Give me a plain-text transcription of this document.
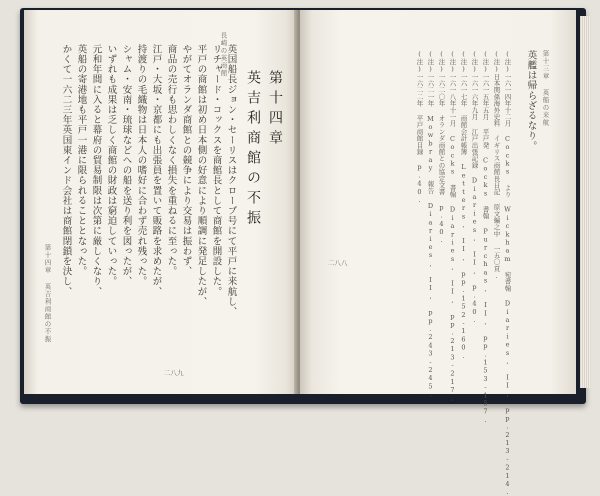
長崎の英商館
二八九
第十四章
英吉利商館の不振
英国船長ジョン・セーリスはクローブ号にて平戸に来航し、
リチャード・コックスを商館長として商館を開設した。
平戸の商館は初め日本側の好意により順調に発足したが、
やがてオランダ商館との競争により交易は振わず、
商品の売行も思わしくなく損失を重ねるに至った。
江戸・大坂・京都にも出張員を置いて販路を求めたが、
持渡りの毛織物は日本人の嗜好に合わず売れ残った。
シャム・安南・琉球などへの船を送り利を図ったが、
いずれも成果は乏しく商館の財政は窮迫していった。
元和年間に入ると幕府の貿易制限は次第に厳しくなり、
英船の寄港地も平戸一港に限られることとなった。
かくて一六二三年英国東インド会社は商館閉鎖を決し、
第十四章 英吉利商館の不振
第十三章 英船の来航
英艦は帰らざるなり。
(注)一六一四年十二月 Cocks より Wickham 宛書翰 Diaries, II, pp.213-214.
(注)日本関係海外史料 イギリス商館長日記 原文編之中 一五〇頁.
(注)一六一五年五月 平戸発 Cocks 書翰 Purchas, II, pp.153-157.
(注)一六一六年九月 江戸出張記録 Diaries, II, p.40.
(注)一六一七年 商館会計帳簿 Letters, II, pp.152-160.
(注)一六一八年十一月 Cocks 書翰 Diaries, II, pp.213-217.
(注)一六二〇年 オランダ商館との協定文書 p.40.
(注)一六二一年 Mowbray 報告 Diaries, II, pp.243-245.
(注)一六二二年 平戸商館目録 p.40.
二八八
